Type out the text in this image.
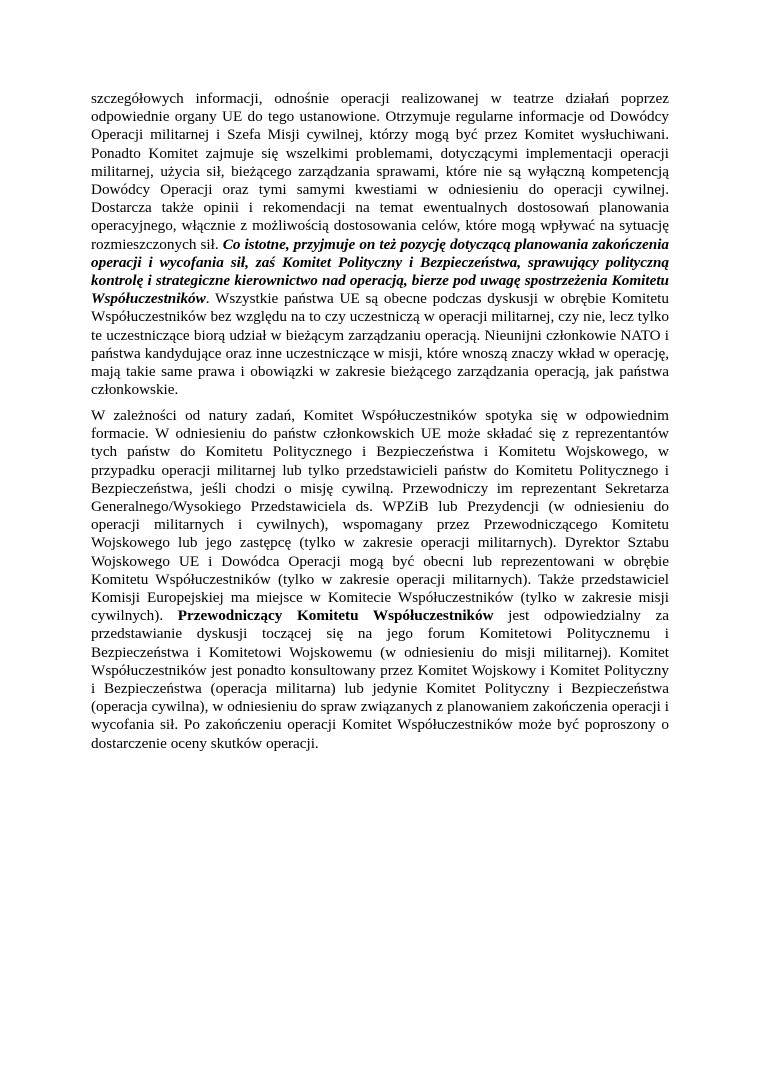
szczegółowych informacji, odnośnie operacji realizowanej w teatrze działań poprzez odpowiednie organy UE do tego ustanowione. Otrzymuje regularne informacje od Dowódcy Operacji militarnej i Szefa Misji cywilnej, którzy mogą być przez Komitet wysłuchiwani. Ponadto Komitet zajmuje się wszelkimi problemami, dotyczącymi implementacji operacji militarnej, użycia sił, bieżącego zarządzania sprawami, które nie są wyłączną kompetencją Dowódcy Operacji oraz tymi samymi kwestiami w odniesieniu do operacji cywilnej. Dostarcza także opinii i rekomendacji na temat ewentualnych dostosowań planowania operacyjnego, włącznie z możliwością dostosowania celów, które mogą wpływać na sytuację rozmieszczonych sił. Co istotne, przyjmuje on też pozycję dotyczącą planowania zakończenia operacji i wycofania sił, zaś Komitet Polityczny i Bezpieczeństwa, sprawujący polityczną kontrolę i strategiczne kierownictwo nad operacją, bierze pod uwagę spostrzeżenia Komitetu Współuczestników. Wszystkie państwa UE są obecne podczas dyskusji w obrębie Komitetu Współuczestników bez względu na to czy uczestniczą w operacji militarnej, czy nie, lecz tylko te uczestniczące biorą udział w bieżącym zarządzaniu operacją. Nieunijni członkowie NATO i państwa kandydujące oraz inne uczestniczące w misji, które wnoszą znaczy wkład w operację, mają takie same prawa i obowiązki w zakresie bieżącego zarządzania operacją, jak państwa członkowskie.

W zależności od natury zadań, Komitet Współuczestników spotyka się w odpowiednim formacie. W odniesieniu do państw członkowskich UE może składać się z reprezentantów tych państw do Komitetu Politycznego i Bezpieczeństwa i Komitetu Wojskowego, w przypadku operacji militarnej lub tylko przedstawicieli państw do Komitetu Politycznego i Bezpieczeństwa, jeśli chodzi o misję cywilną. Przewodniczy im reprezentant Sekretarza Generalnego/Wysokiego Przedstawiciela ds. WPZiB lub Prezydencji (w odniesieniu do operacji militarnych i cywilnych), wspomagany przez Przewodniczącego Komitetu Wojskowego lub jego zastępcę (tylko w zakresie operacji militarnych). Dyrektor Sztabu Wojskowego UE i Dowódca Operacji mogą być obecni lub reprezentowani w obrębie Komitetu Współuczestników (tylko w zakresie operacji militarnych). Także przedstawiciel Komisji Europejskiej ma miejsce w Komitecie Współuczestników (tylko w zakresie misji cywilnych). Przewodniczący Komitetu Współuczestników jest odpowiedzialny za przedstawianie dyskusji toczącej się na jego forum Komitetowi Politycznemu i Bezpieczeństwa i Komitetowi Wojskowemu (w odniesieniu do misji militarnej). Komitet Współuczestników jest ponadto konsultowany przez Komitet Wojskowy i Komitet Polityczny i Bezpieczeństwa (operacja militarna) lub jedynie Komitet Polityczny i Bezpieczeństwa (operacja cywilna), w odniesieniu do spraw związanych z planowaniem zakończenia operacji i wycofania sił. Po zakończeniu operacji Komitet Współuczestników może być poproszony o dostarczenie oceny skutków operacji.
